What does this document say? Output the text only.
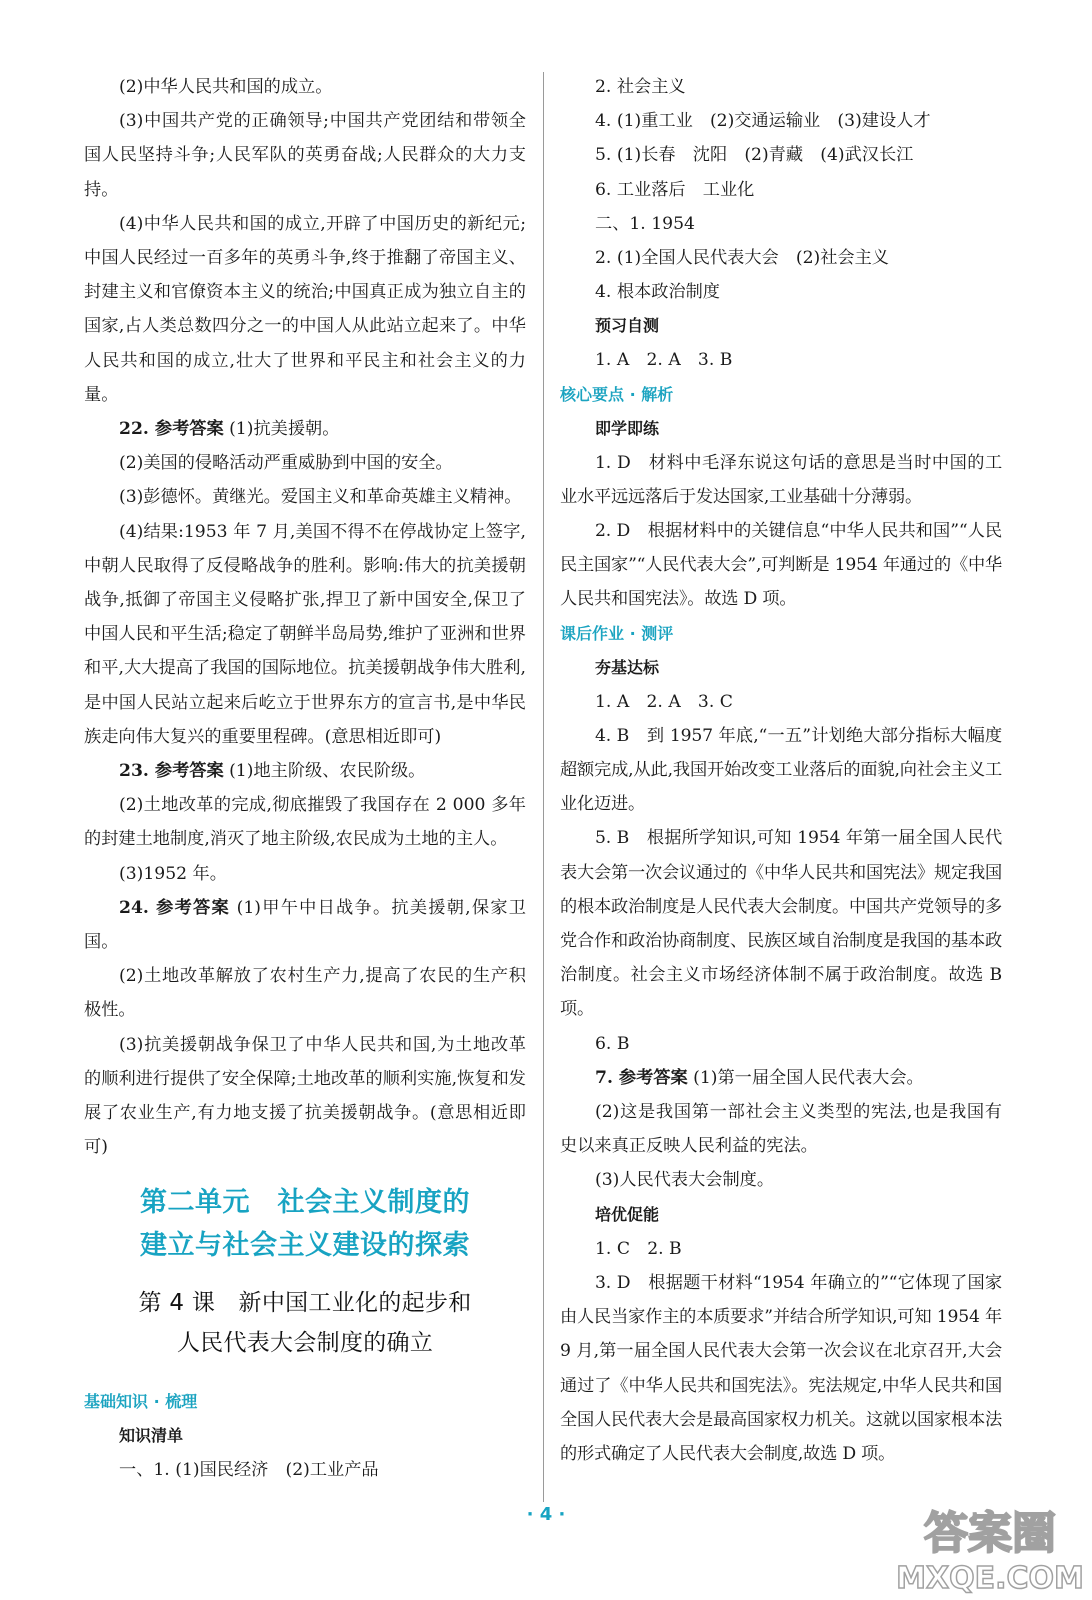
(2)中华人民共和国的成立。

(3)中国共产党的正确领导;中国共产党团结和带领全国人民坚持斗争;人民军队的英勇奋战;人民群众的大力支持。

(4)中华人民共和国的成立,开辟了中国历史的新纪元;中国人民经过一百多年的英勇斗争,终于推翻了帝国主义、封建主义和官僚资本主义的统治;中国真正成为独立自主的国家,占人类总数四分之一的中国人从此站立起来了。中华人民共和国的成立,壮大了世界和平民主和社会主义的力量。

22. 参考答案 (1)抗美援朝。

(2)美国的侵略活动严重威胁到中国的安全。

(3)彭德怀。黄继光。爱国主义和革命英雄主义精神。

(4)结果:1953 年 7 月,美国不得不在停战协定上签字,中朝人民取得了反侵略战争的胜利。影响:伟大的抗美援朝战争,抵御了帝国主义侵略扩张,捍卫了新中国安全,保卫了中国人民和平生活;稳定了朝鲜半岛局势,维护了亚洲和世界和平,大大提高了我国的国际地位。抗美援朝战争伟大胜利,是中国人民站立起来后屹立于世界东方的宣言书,是中华民族走向伟大复兴的重要里程碑。(意思相近即可)

23. 参考答案 (1)地主阶级、农民阶级。

(2)土地改革的完成,彻底摧毁了我国存在 2 000 多年的封建土地制度,消灭了地主阶级,农民成为土地的主人。

(3)1952 年。

24. 参考答案 (1)甲午中日战争。抗美援朝,保家卫国。

(2)土地改革解放了农村生产力,提高了农民的生产积极性。

(3)抗美援朝战争保卫了中华人民共和国,为土地改革的顺利进行提供了安全保障;土地改革的顺利实施,恢复和发展了农业生产,有力地支援了抗美援朝战争。(意思相近即可)

第二单元　社会主义制度的

建立与社会主义建设的探索

第 4 课　新中国工业化的起步和

人民代表大会制度的确立

基础知识 · 梳理

知识清单

一、1. (1)国民经济　(2)工业产品

2. 社会主义

4. (1)重工业　(2)交通运输业　(3)建设人才

5. (1)长春　沈阳　(2)青藏　(4)武汉长江

6. 工业落后　工业化

二、1. 1954

2. (1)全国人民代表大会　(2)社会主义

4. 根本政治制度

预习自测

1. A　2. A　3. B

核心要点 · 解析

即学即练

1. D　材料中毛泽东说这句话的意思是当时中国的工业水平远远落后于发达国家,工业基础十分薄弱。

2. D　根据材料中的关键信息“中华人民共和国”“人民民主国家”“人民代表大会”,可判断是 1954 年通过的《中华人民共和国宪法》。故选 D 项。

课后作业 · 测评

夯基达标

1. A　2. A　3. C

4. B　到 1957 年底,“一五”计划绝大部分指标大幅度超额完成,从此,我国开始改变工业落后的面貌,向社会主义工业化迈进。

5. B　根据所学知识,可知 1954 年第一届全国人民代表大会第一次会议通过的《中华人民共和国宪法》规定我国的根本政治制度是人民代表大会制度。中国共产党领导的多党合作和政治协商制度、民族区域自治制度是我国的基本政治制度。社会主义市场经济体制不属于政治制度。故选 B 项。

6. B

7. 参考答案 (1)第一届全国人民代表大会。

(2)这是我国第一部社会主义类型的宪法,也是我国有史以来真正反映人民利益的宪法。

(3)人民代表大会制度。

培优促能

1. C　2. B

3. D　根据题干材料“1954 年确立的”“它体现了国家由人民当家作主的本质要求”并结合所学知识,可知 1954 年 9 月,第一届全国人民代表大会第一次会议在北京召开,大会通过了《中华人民共和国宪法》。宪法规定,中华人民共和国全国人民代表大会是最高国家权力机关。这就以国家根本法的形式确定了人民代表大会制度,故选 D 项。

· 4 ·	答案圈
MXQE.COM
